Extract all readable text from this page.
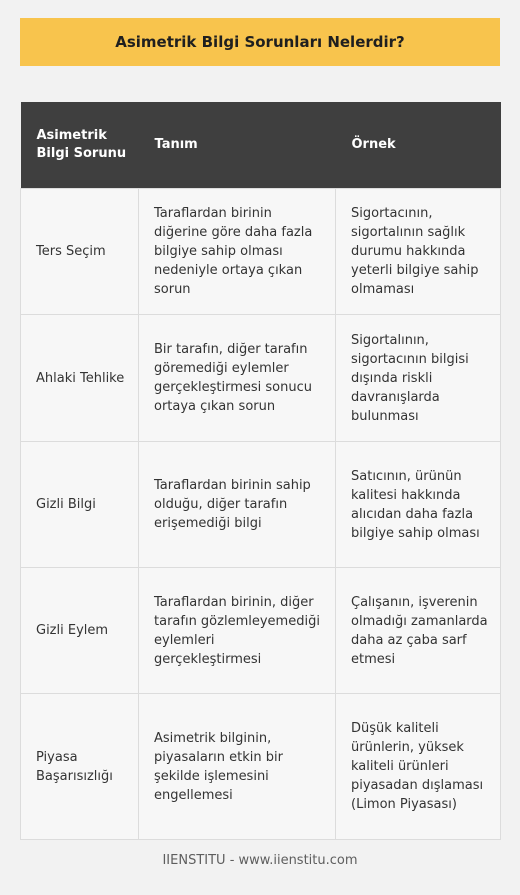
Asimetrik Bilgi Sorunları Nelerdir?
Asimetrik Bilgi Sorunu	Tanım	Örnek
Ters Seçim	Taraflardan birinin diğerine göre daha fazla bilgiye sahip olması nedeniyle ortaya çıkan sorun	Sigortacının, sigortalının sağlık durumu hakkında yeterli bilgiye sahip olmaması
Ahlaki Tehlike	Bir tarafın, diğer tarafın göremediği eylemler gerçekleştirmesi sonucu ortaya çıkan sorun	Sigortalının, sigortacının bilgisi dışında riskli davranışlarda bulunması
Gizli Bilgi	Taraflardan birinin sahip olduğu, diğer tarafın erişemediği bilgi	Satıcının, ürünün kalitesi hakkında alıcıdan daha fazla bilgiye sahip olması
Gizli Eylem	Taraflardan birinin, diğer tarafın gözlemleyemediği eylemleri gerçekleştirmesi	Çalışanın, işverenin olmadığı zamanlarda daha az çaba sarf etmesi
Piyasa Başarısızlığı	Asimetrik bilginin, piyasaların etkin bir şekilde işlemesini engellemesi	Düşük kaliteli ürünlerin, yüksek kaliteli ürünleri piyasadan dışlaması (Limon Piyasası)
IIENSTITU - www.iienstitu.com
